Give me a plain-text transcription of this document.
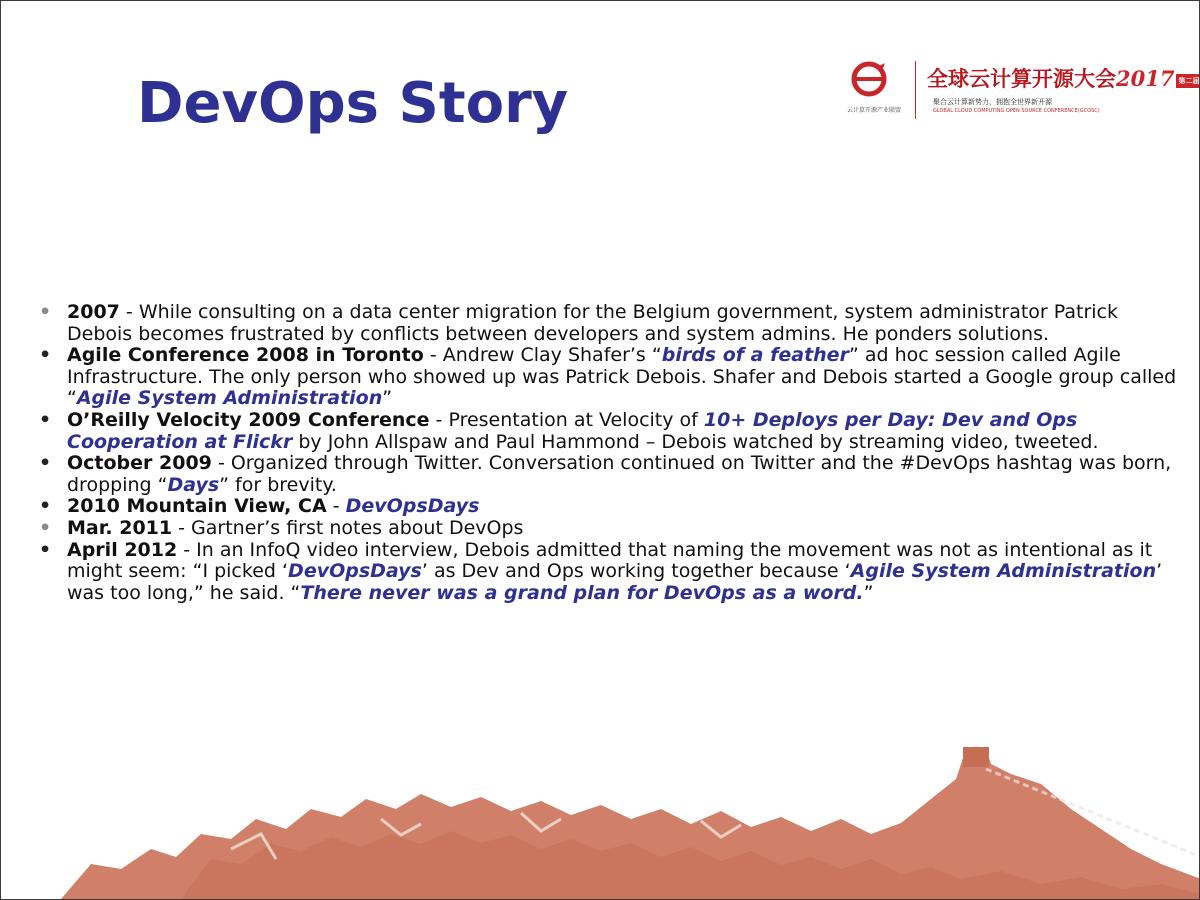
DevOps Story	云计算开源产业联盟
全球云计算开源大会2017 第二届
聚合云计算新势力，拥抱全世界新开源
GLOBAL CLOUD COMPUTING OPEN SOURCE CONFERENCE(GCOSC)

• 2007 - While consulting on a data center migration for the Belgium government, system administrator Patrick Debois becomes frustrated by conflicts between developers and system admins. He ponders solutions.

• Agile Conference 2008 in Toronto - Andrew Clay Shafer’s “birds of a feather” ad hoc session called Agile Infrastructure. The only person who showed up was Patrick Debois. Shafer and Debois started a Google group called “Agile System Administration”

• O’Reilly Velocity 2009 Conference - Presentation at Velocity of 10+ Deploys per Day: Dev and Ops Cooperation at Flickr by John Allspaw and Paul Hammond – Debois watched by streaming video, tweeted.

• October 2009 - Organized through Twitter. Conversation continued on Twitter and the #DevOps hashtag was born, dropping “Days” for brevity.

• 2010 Mountain View, CA - DevOpsDays

• Mar. 2011 - Gartner’s first notes about DevOps

• April 2012 - In an InfoQ video interview, Debois admitted that naming the movement was not as intentional as it might seem: “I picked ‘DevOpsDays’ as Dev and Ops working together because ‘Agile System Administration’ was too long,” he said. “There never was a grand plan for DevOps as a word.”
